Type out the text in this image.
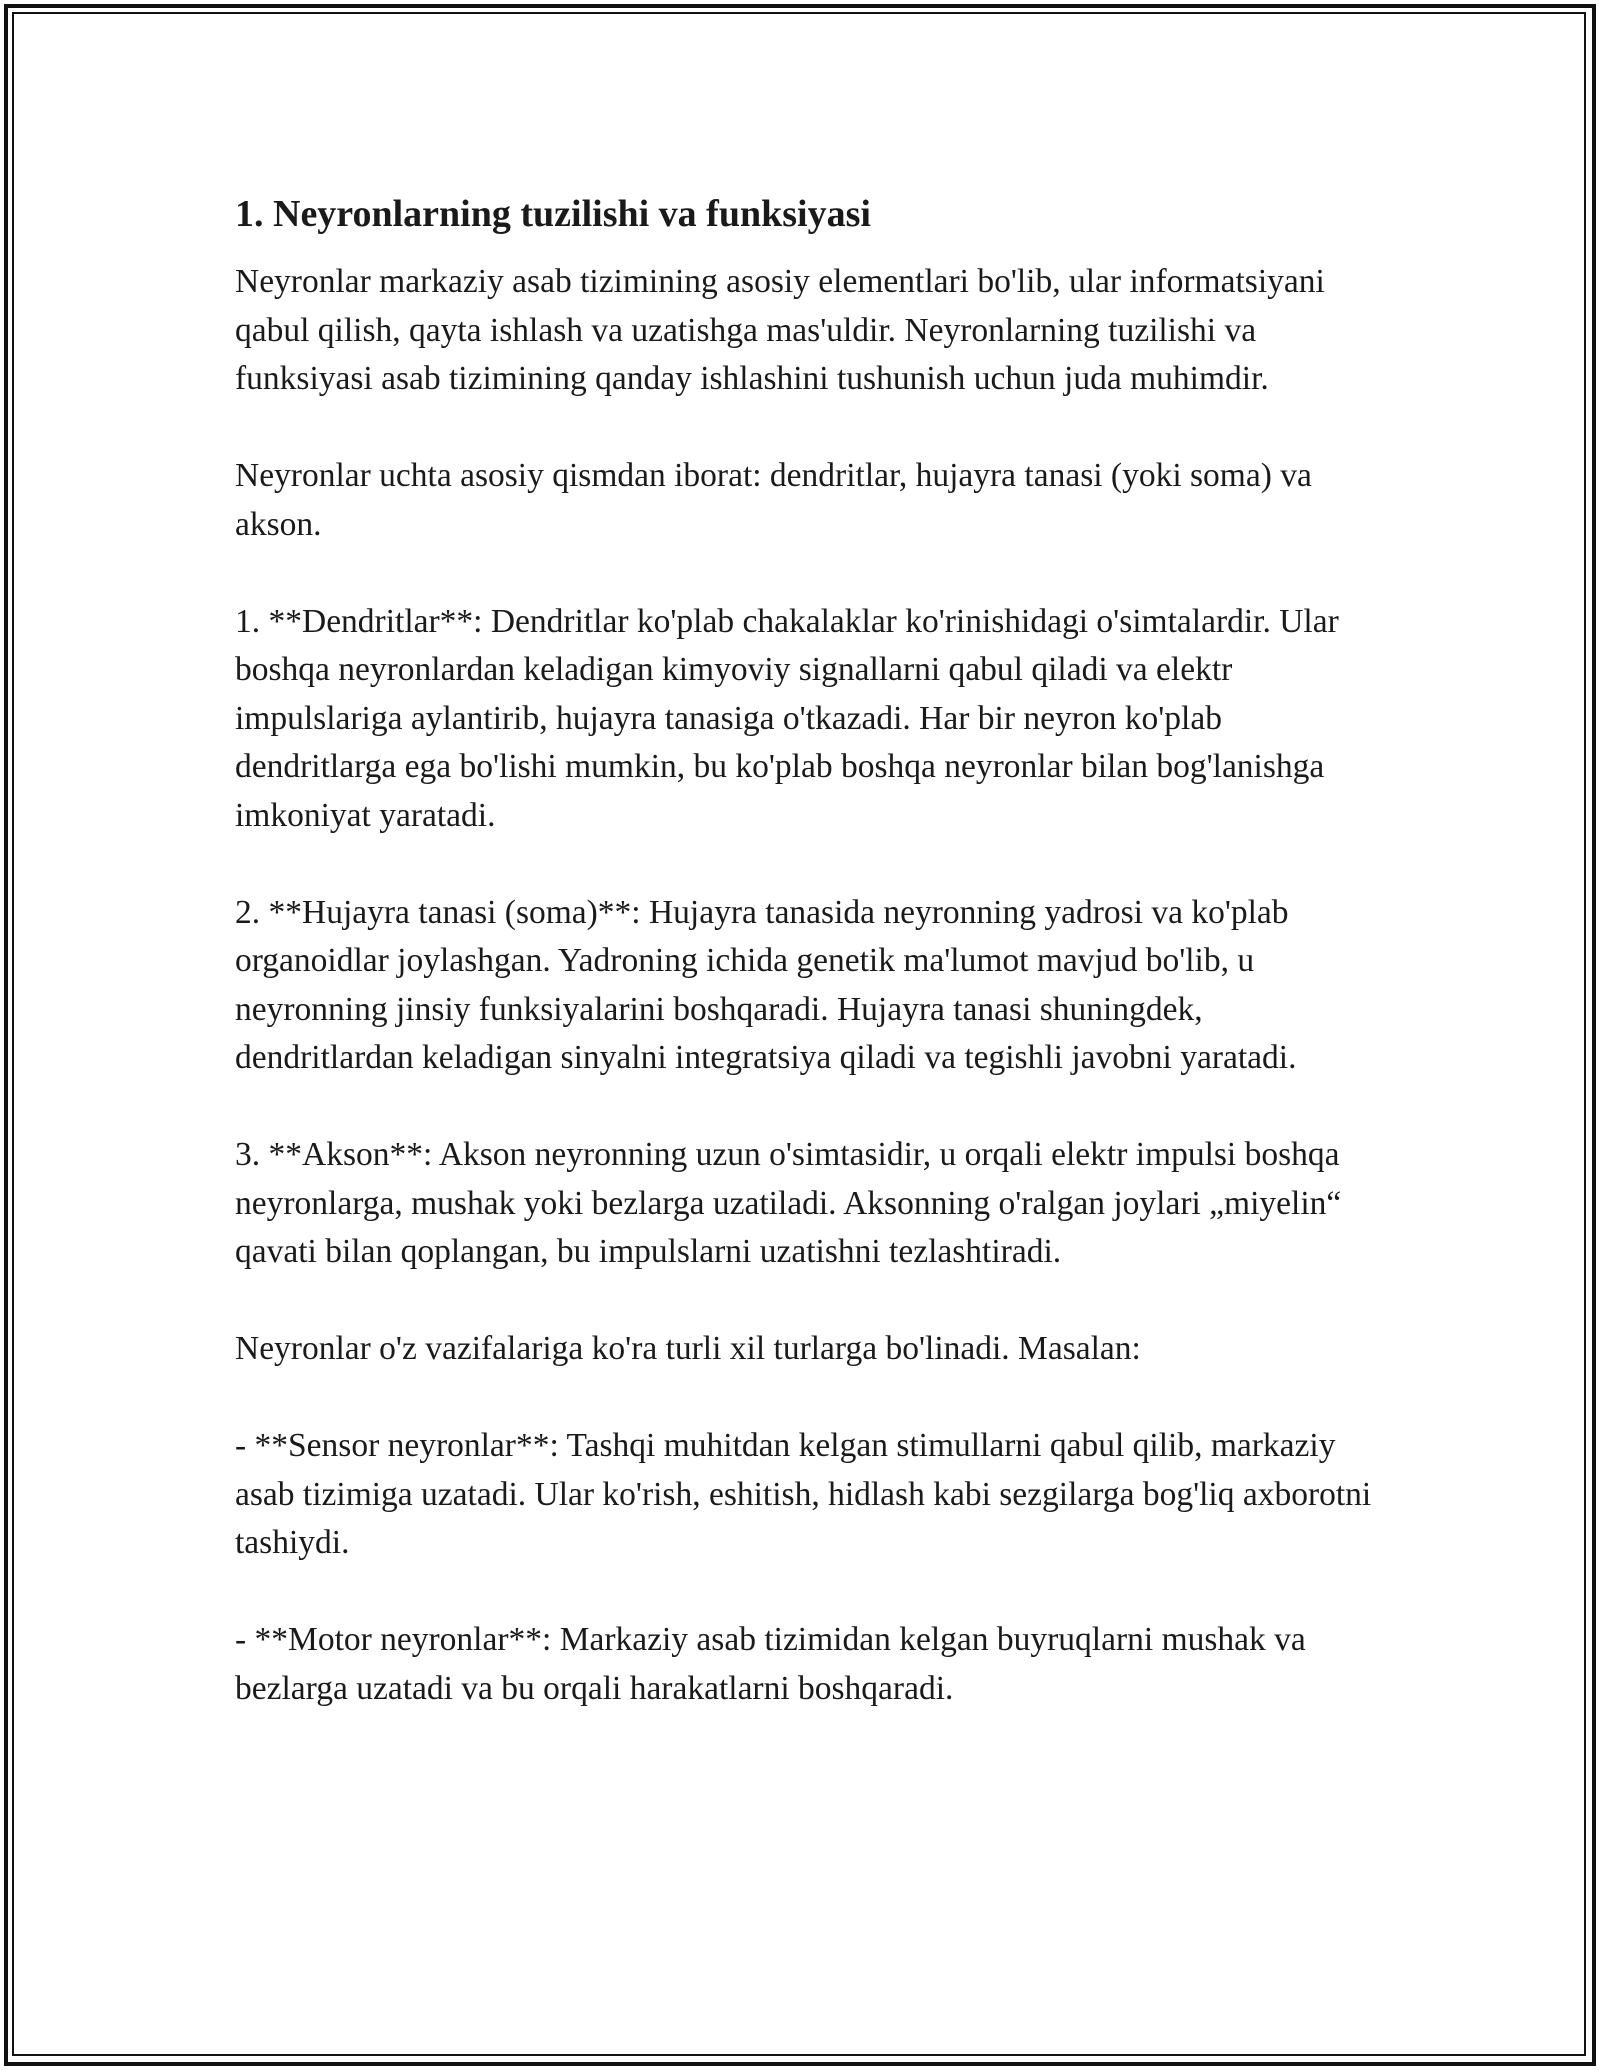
1. Neyronlarning tuzilishi va funksiyasi

Neyronlar markaziy asab tizimining asosiy elementlari bo'lib, ular informatsiyani qabul qilish, qayta ishlash va uzatishga mas'uldir. Neyronlarning tuzilishi va funksiyasi asab tizimining qanday ishlashini tushunish uchun juda muhimdir.

Neyronlar uchta asosiy qismdan iborat: dendritlar, hujayra tanasi (yoki soma) va akson.

1. **Dendritlar**: Dendritlar ko'plab chakalaklar ko'rinishidagi o'simtalardir. Ular boshqa neyronlardan keladigan kimyoviy signallarni qabul qiladi va elektr impulslariga aylantirib, hujayra tanasiga o'tkazadi. Har bir neyron ko'plab dendritlarga ega bo'lishi mumkin, bu ko'plab boshqa neyronlar bilan bog'lanishga imkoniyat yaratadi.

2. **Hujayra tanasi (soma)**: Hujayra tanasida neyronning yadrosi va ko'plab organoidlar joylashgan. Yadroning ichida genetik ma'lumot mavjud bo'lib, u neyronning jinsiy funksiyalarini boshqaradi. Hujayra tanasi shuningdek, dendritlardan keladigan sinyalni integratsiya qiladi va tegishli javobni yaratadi.

3. **Akson**: Akson neyronning uzun o'simtasidir, u orqali elektr impulsi boshqa neyronlarga, mushak yoki bezlarga uzatiladi. Aksonning o'ralgan joylari „miyelin“ qavati bilan qoplangan, bu impulslarni uzatishni tezlashtiradi.

Neyronlar o'z vazifalariga ko'ra turli xil turlarga bo'linadi. Masalan:

- **Sensor neyronlar**: Tashqi muhitdan kelgan stimullarni qabul qilib, markaziy asab tizimiga uzatadi. Ular ko'rish, eshitish, hidlash kabi sezgilarga bog'liq axborotni tashiydi.

- **Motor neyronlar**: Markaziy asab tizimidan kelgan buyruqlarni mushak va bezlarga uzatadi va bu orqali harakatlarni boshqaradi.
